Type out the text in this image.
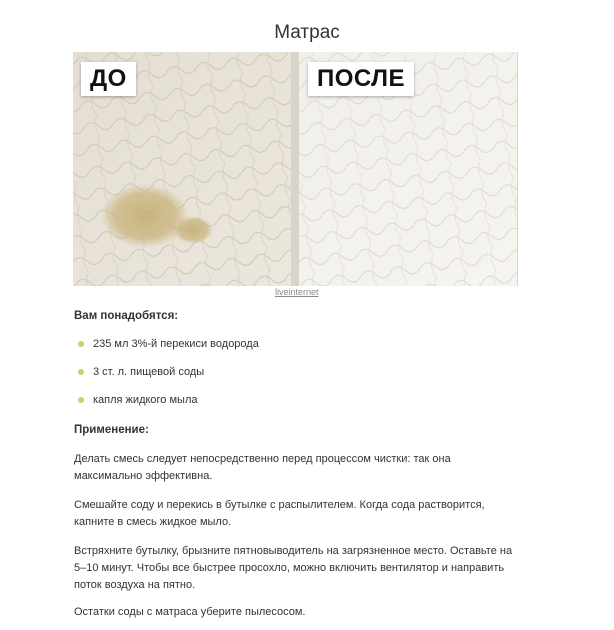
Матрас
ДО	ПОСЛЕ
liveinternet
Вам понадобятся:
235 мл 3%-й перекиси водорода
3 ст. л. пищевой соды
капля жидкого мыла
Применение:
Делать смесь следует непосредственно перед процессом чистки: так она максимально эффективна.
Смешайте соду и перекись в бутылке с распылителем. Когда сода растворится, капните в смесь жидкое мыло.
Встряхните бутылку, брызните пятновыводитель на загрязненное место. Оставьте на 5–10 минут. Чтобы все быстрее просохло, можно включить вентилятор и направить поток воздуха на пятно.
Остатки соды с матраса уберите пылесосом.
